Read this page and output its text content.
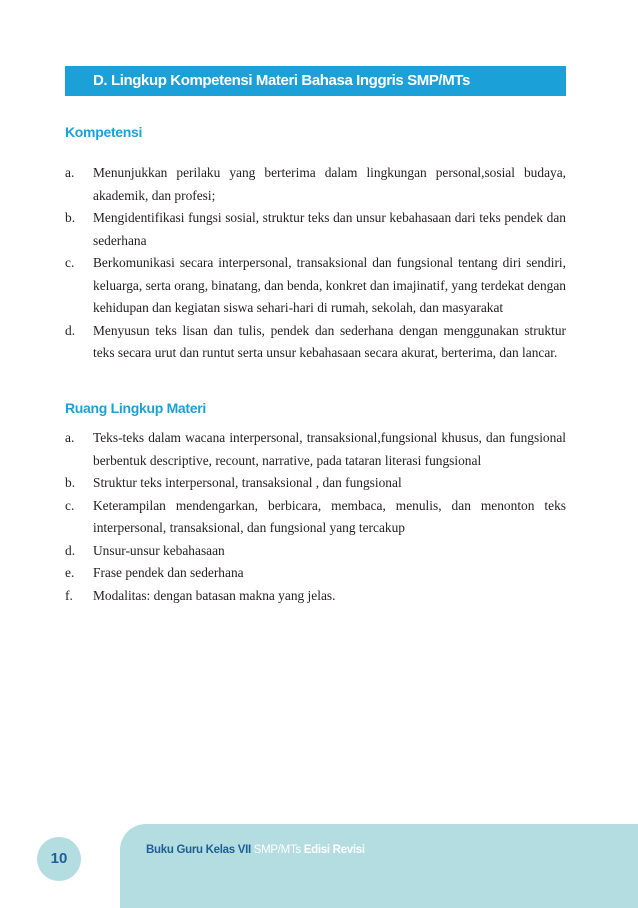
D. Lingkup Kompetensi Materi Bahasa Inggris SMP/MTs
Kompetensi
a. Menunjukkan perilaku yang berterima dalam lingkungan personal,sosial budaya, akademik, dan profesi;
b. Mengidentifikasi fungsi sosial, struktur teks dan unsur kebahasaan dari teks pendek dan sederhana
c. Berkomunikasi secara interpersonal, transaksional dan fungsional tentang diri sendiri, keluarga, serta orang, binatang, dan benda, konkret dan imajinatif, yang terdekat dengan kehidupan dan kegiatan siswa sehari-hari di rumah, sekolah, dan masyarakat
d. Menyusun teks lisan dan tulis, pendek dan sederhana dengan menggunakan struktur teks secara urut dan runtut serta unsur kebahasaan secara akurat, berterima, dan lancar.
Ruang Lingkup Materi
a. Teks-teks dalam wacana interpersonal, transaksional,fungsional khusus, dan fungsional berbentuk descriptive, recount, narrative, pada tataran literasi fungsional
b. Struktur teks interpersonal, transaksional , dan fungsional
c. Keterampilan mendengarkan, berbicara, membaca, menulis, dan menonton teks interpersonal, transaksional, dan fungsional yang tercakup
d. Unsur-unsur kebahasaan
e. Frase pendek dan sederhana
f. Modalitas: dengan batasan makna yang jelas.
Buku Guru Kelas VII SMP/MTs Edisi Revisi
10
